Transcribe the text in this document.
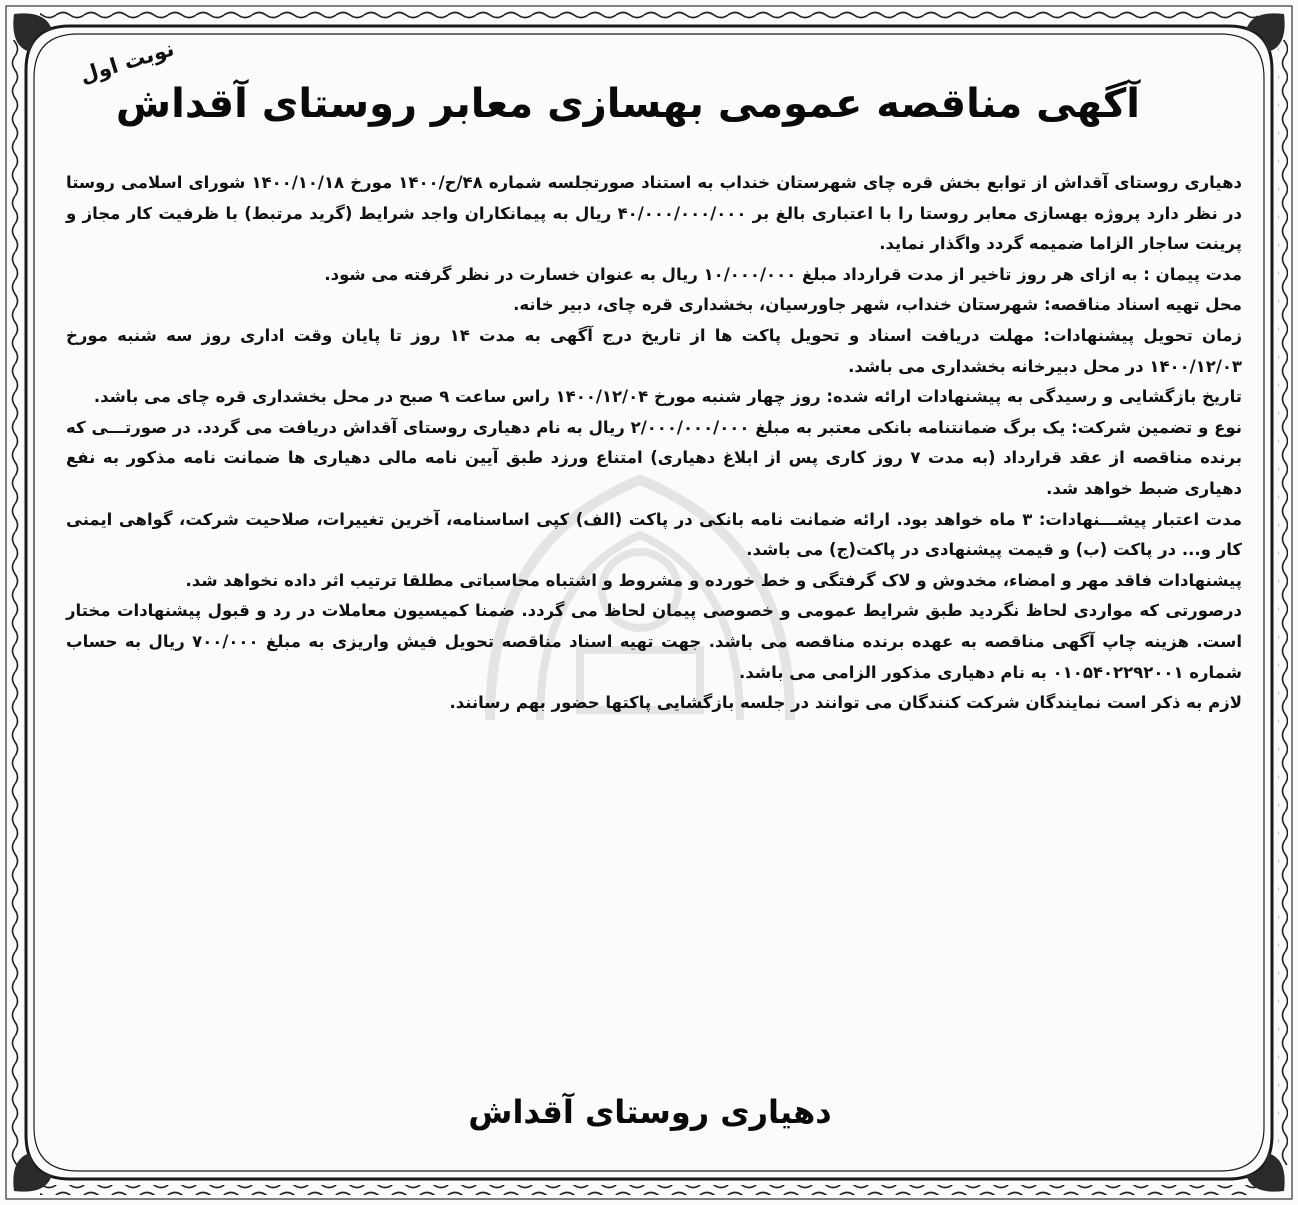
نوبت اول
آگهی مناقصه عمومی بهسازی معابر روستای آقداش

دهیاری روستای آقداش از توابع بخش قره چای شهرستان خنداب به استناد صورتجلسه شماره ۴۸/ح/۱۴۰۰ مورخ ۱۴۰۰/۱۰/۱۸ شورای اسلامی روستا در نظر دارد پروژه بهسازی معابر روستا را با اعتباری بالغ بر ۴۰/۰۰۰/۰۰۰/۰۰۰ ریال به پیمانکاران واجد شرایط (گرید مرتبط) با ظرفیت کار مجاز و پرینت ساجار الزاما ضمیمه گردد واگذار نماید.

مدت پیمان : به ازای هر روز تاخیر از مدت قرارداد مبلغ ۱۰/۰۰۰/۰۰۰ ریال به عنوان خسارت در نظر گرفته می شود.

محل تهیه اسناد مناقصه: شهرستان خنداب، شهر جاورسیان، بخشداری قره چای، دبیر خانه.

زمان تحویل پیشنهادات: مهلت دریافت اسناد و تحویل پاکت ها از تاریخ درج آگهی به مدت ۱۴ روز تا پایان وقت اداری روز سه شنبه مورخ ۱۴۰۰/۱۲/۰۳ در محل دبیرخانه بخشداری می باشد.

تاریخ بازگشایی و رسیدگی به پیشنهادات ارائه شده: روز چهار شنبه مورخ ۱۴۰۰/۱۲/۰۴ راس ساعت ۹ صبح در محل بخشداری قره چای می باشد.

نوع و تضمین شرکت: یک برگ ضمانتنامه بانکی معتبر به مبلغ ۲/۰۰۰/۰۰۰/۰۰۰ ریال به نام دهیاری روستای آقداش دریافت می گردد. در صورتـــی که برنده مناقصه از عقد قرارداد (به مدت ۷ روز کاری پس از ابلاغ دهیاری) امتناع ورزد طبق آیین نامه مالی دهیاری ها ضمانت نامه مذکور به نفع دهیاری ضبط خواهد شد.

مدت اعتبار پیشـــنهادات: ۳ ماه خواهد بود. ارائه ضمانت نامه بانکی در پاکت (الف) کپی اساسنامه، آخرین تغییرات، صلاحیت شرکت، گواهی ایمنی کار و... در پاکت (ب) و قیمت پیشنهادی در پاکت(ج) می باشد.

پیشنهادات فاقد مهر و امضاء، مخدوش و لاک گرفتگی و خط خورده و مشروط و اشتباه محاسباتی مطلقا ترتیب اثر داده نخواهد شد.

درصورتی که مواردی لحاظ نگردید طبق شرایط عمومی و خصوصی پیمان لحاظ می گردد. ضمنا کمیسیون معاملات در رد و قبول پیشنهادات مختار است. هزینه چاپ آگهی مناقصه به عهده برنده مناقصه می باشد. جهت تهیه اسناد مناقصه تحویل فیش واریزی به مبلغ ۷۰۰/۰۰۰ ریال به حساب شماره ۰۱۰۵۴۰۲۲۹۲۰۰۱ به نام دهیاری مذکور الزامی می باشد.

لازم به ذکر است نمایندگان شرکت کنندگان می توانند در جلسه بازگشایی پاکتها حضور بهم رسانند.

دهیاری روستای آقداش
